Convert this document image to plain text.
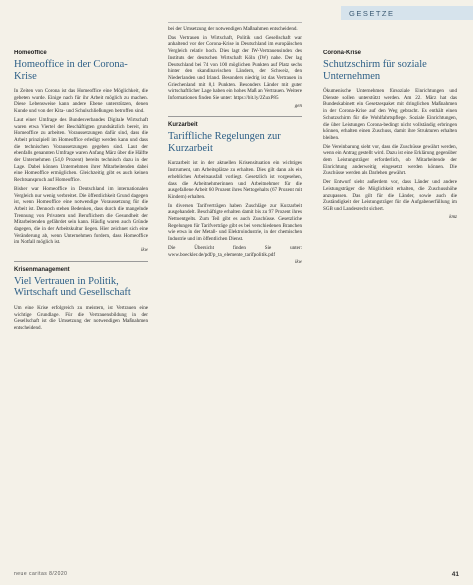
GESETZE
Homeoffice
Homeoffice in der Corona-Krise

In Zeiten von Corona ist das Homeoffice eine Möglichkeit, die gebeten wurde. Einige nach für ihr Arbeit möglich zu machen. Diese Lebensweise kann andere Ebene unterstützen, denen Kunde und von der Kita- und Schulschließungen betroffen sind.

Laut einer Umfrage des Bundesverbandes Digitale Wirtschaft waren etwa Viertel der Beschäftigten grundsätzlich bereit, im Homeoffice zu arbeiten. Voraussetzungen dafür sind, dass die Arbeit prinzipiell im Homeoffice erledigt werden kann und dass die technischen Voraussetzungen gegeben sind. Laut der ebenfalls genannten Umfrage waren Anfang März über die Hälfte der Unternehmen (54,0 Prozent) bereits technisch dazu in der Lage. Dabei können Unternehmen ihrer Mitarbeitenden dabei eine Homeoffice ermöglichen. Gleichzeitig gibt es auch keinen Rechtsanspruch auf Homeoffice.

Bisher war Homeoffice in Deutschland im internationalen Vergleich nur wenig verbreitet. Die öffentlichkeit Grund dagegen ist, wenn Homeoffice eine notwendige Voraussetzung für die Arbeit ist. Dennoch stehen Bedenken, dass durch die mangelnde Trennung von Privatem und Beruflichem die Gesundheit der Mitarbeitenden gefährdet sein kann. Häufig waren auch Gründe dagegen, die in der Arbeitskultur liegen. Hier zeichnet sich eine Veränderung ab, wenn Unternehmen fordern, dass Homeoffice im Notfall möglich ist.

ikw

Krisenmanagement
Viel Vertrauen in Politik, Wirtschaft und Gesellschaft

Um eine Krise erfolgreich zu meistern, ist Vertrauen eine wichtige Grundlage. Für die Vertrauensbildung in der Gesellschaft ist die Umsetzung der notwendigen Maßnahmen entscheidend.

bei der Umsetzung der notwendigen Maßnahmen entscheidend.

Das Vertrauen in Wirtschaft, Politik und Gesellschaft war anhaltend vor der Corona-Krise in Deutschland im europäischen Vergleich relativ hoch. Dies lagt der IW-Vertrauensindex des Instituts der deutschen Wirtschaft Köln (IW) nahe. Der lag Deutschland bei 74 von 100 möglichen Punkten auf Platz sechs hinter den skandinavischen Ländern, der Schweiz, den Niederlanden und Irland. Besonders niedrig ist das Vertrauen in Griechenland mit 8,1 Punkten. Besonders Länder mit guter wirtschaftlicher Lage haben ein hohes Maß an Vertrauen. Weitere Informationen finden Sie unter: https://bit.ly/2ZuxP85

gen

Kurzarbeit
Tariffliche Regelungen zur Kurzarbeit

Kurzarbeit ist in der aktuellen Krisensituation ein wichtiges Instrument, um Arbeitsplätze zu erhalten. Dies gilt dann als ein erhebliches Arbeitsausfall vorliegt. Gesetzlich ist vorgesehen, dass die Arbeitnehmerinnen und Arbeitnehmer für die ausgefallene Arbeit 60 Prozent ihres Nettogehalts (67 Prozent mit Kindern) erhalten.

In diversen Tarifverträgen haben Zuschläge zur Kurzarbeit ausgehandelt. Beschäftigte erhalten damit bis zu 97 Prozent ihres Nettoentgelts. Zum Teil gibt es auch Zuschüsse. Gesetzliche Regelungen für Tarifverträge gibt es bei verschiedenen Branchen wie etwa in der Metall- und Elektroindustrie, in der chemischen Industrie und im öffentlichen Dienst.

Die Übersicht finden Sie unter: www.boeckler.de/pdf/p_ta_elemente_tarifpolitik.pdf

ikw

Corona-Krise
Schutzschirm für soziale Unternehmen

Ökumenische Unternehmen fürsoziale Einrichtungen und Dienste sollen unterstützt werden. Am 22. März hat das Bundeskabinett ein Gesetzespaket mit dringlichen Maßnahmen in der Corona-Krise auf den Weg gebracht. Es enthält einen Schutzschirm für die Wohlfahrtspflege. Soziale Einrichtungen, die über Leistungen Corona-bedingt nicht vollständig erbringen können, erhalten einen Zuschuss, damit ihre Strukturen erhalten bleiben.

Die Vereinbarung sieht vor, dass die Zuschüsse gewährt werden, wenn ein Antrag gestellt wird. Dazu ist eine Erklärung gegenüber dem Leistungsträger erforderlich, ob Mitarbeitende der Einrichtung anderweitig eingesetzt werden können. Die Zuschüsse werden als Darlehen gewährt.

Der Entwurf sieht außerdem vor, dass Länder und andere Leistungsträger die Möglichkeit erhalten, die Zuschusshöhe anzupassen. Das gilt für die Länder, sowie auch die Zuständigkeit der Leistungsträger für die Aufgabenerfüllung im SGB und Landesrecht sichert.

kmz

neue caritas 8/2020	41
